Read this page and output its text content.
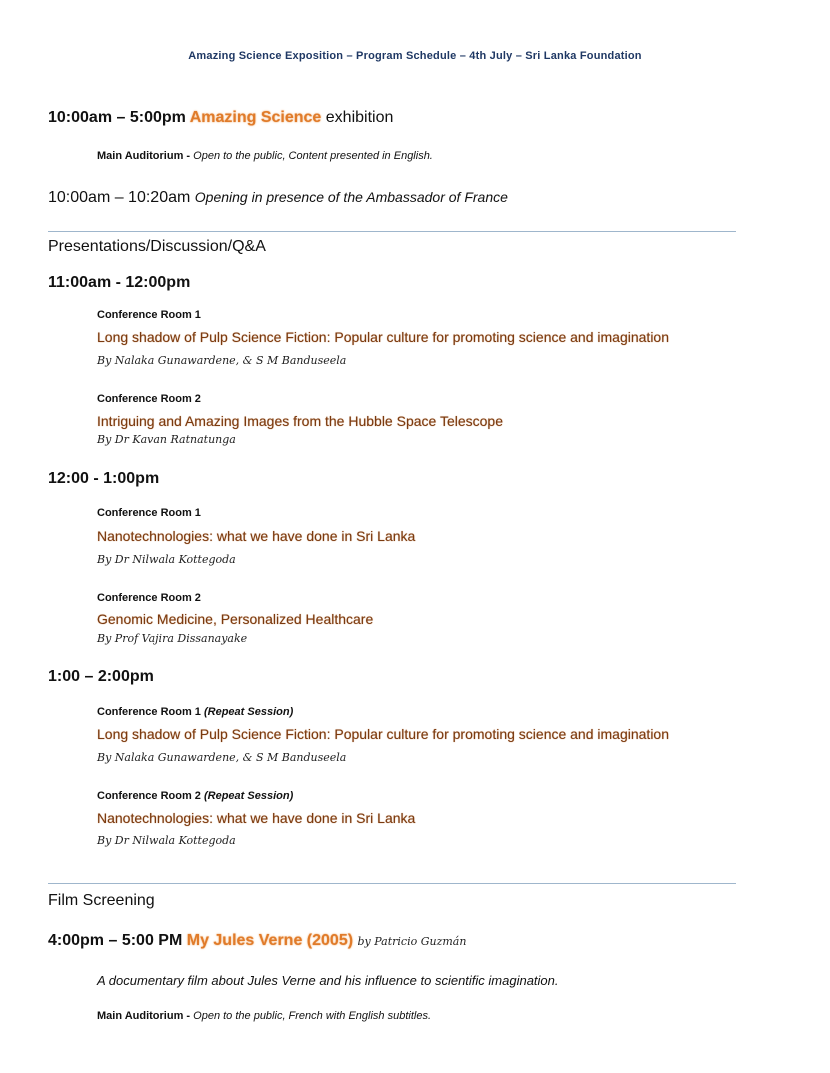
Amazing Science Exposition – Program Schedule – 4th July – Sri Lanka Foundation
10:00am – 5:00pm Amazing Science exhibition
Main Auditorium - Open to the public, Content presented in English.
10:00am – 10:20am Opening in presence of the Ambassador of France
Presentations/Discussion/Q&A
11:00am - 12:00pm
Conference Room 1
Long shadow of Pulp Science Fiction: Popular culture for promoting science and imagination
By Nalaka Gunawardene, & S M Banduseela
Conference Room 2
Intriguing and Amazing Images from the Hubble Space Telescope
By Dr Kavan Ratnatunga
12:00 - 1:00pm
Conference Room 1
Nanotechnologies: what we have done in Sri Lanka
By Dr Nilwala Kottegoda
Conference Room 2
Genomic Medicine, Personalized Healthcare
By Prof Vajira Dissanayake
1:00 – 2:00pm
Conference Room 1 (Repeat Session)
Long shadow of Pulp Science Fiction: Popular culture for promoting science and imagination
By Nalaka Gunawardene, & S M Banduseela
Conference Room 2 (Repeat Session)
Nanotechnologies: what we have done in Sri Lanka
By Dr Nilwala Kottegoda
Film Screening
4:00pm – 5:00 PM My Jules Verne (2005) by Patricio Guzmán
A documentary film about Jules Verne and his influence to scientific imagination.
Main Auditorium - Open to the public, French with English subtitles.
